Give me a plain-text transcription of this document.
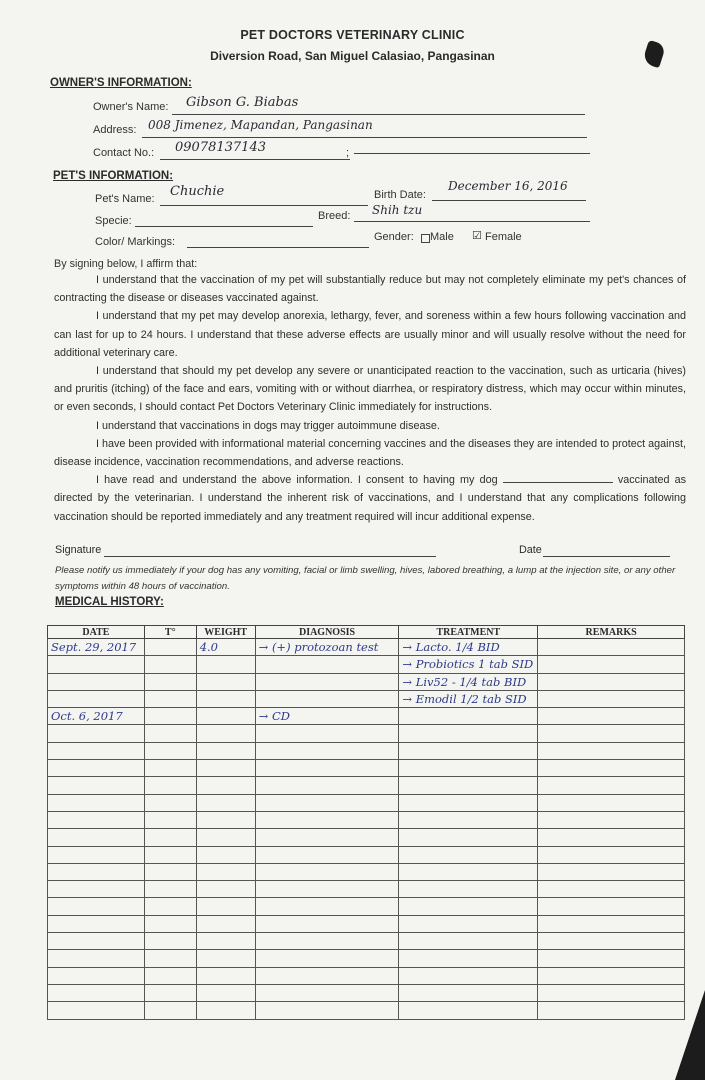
PET DOCTORS VETERINARY CLINIC
Diversion Road, San Miguel Calasiao, Pangasinan
OWNER'S INFORMATION:
Owner's Name: Gibson G. Biabas
Address: 008 Jimenez, Mapandan, Pangasinan
Contact No.:	;
09078137143
PET'S INFORMATION:
Pet's Name: Chuchie	Birth Date:
December 16, 2016
Specie:	Breed: Shih tzu
Color/ Markings:	Gender: Male ☑ Female
By signing below, I affirm that:

I understand that the vaccination of my pet will substantially reduce but may not completely eliminate my pet's chances of contracting the disease or diseases vaccinated against.

I understand that my pet may develop anorexia, lethargy, fever, and soreness within a few hours following vaccination and can last for up to 24 hours. I understand that these adverse effects are usually minor and will usually resolve without the need for additional veterinary care.

I understand that should my pet develop any severe or unanticipated reaction to the vaccination, such as urticaria (hives) and pruritis (itching) of the face and ears, vomiting with or without diarrhea, or respiratory distress, which may occur within minutes, or even seconds, I should contact Pet Doctors Veterinary Clinic immediately for instructions.

I understand that vaccinations in dogs may trigger autoimmune disease.

I have been provided with informational material concerning vaccines and the diseases they are intended to protect against, disease incidence, vaccination recommendations, and adverse reactions.

I have read and understand the above information. I consent to having my dog	vaccinated as directed by the veterinarian. I understand the inherent risk of vaccinations, and I understand that any complications following vaccination should be reported immediately and any treatment required will incur additional expense.

Signature	Date
Please notify us immediately if your dog has any vomiting, facial or limb swelling, hives, labored breathing, a lump at the injection site, or any other symptoms within 48 hours of vaccination.
MEDICAL HISTORY:
DATE	T°	WEIGHT	DIAGNOSIS	TREATMENT	REMARKS

Sept. 29, 2017		4.0	→ (+) protozoan test	→ Lacto. 1/4 BID	

				→ Probiotics 1 tab SID	

				→ Liv52 - 1/4 tab BID	

				→ Emodil 1/2 tab SID	

Oct. 6, 2017			→ CD		
